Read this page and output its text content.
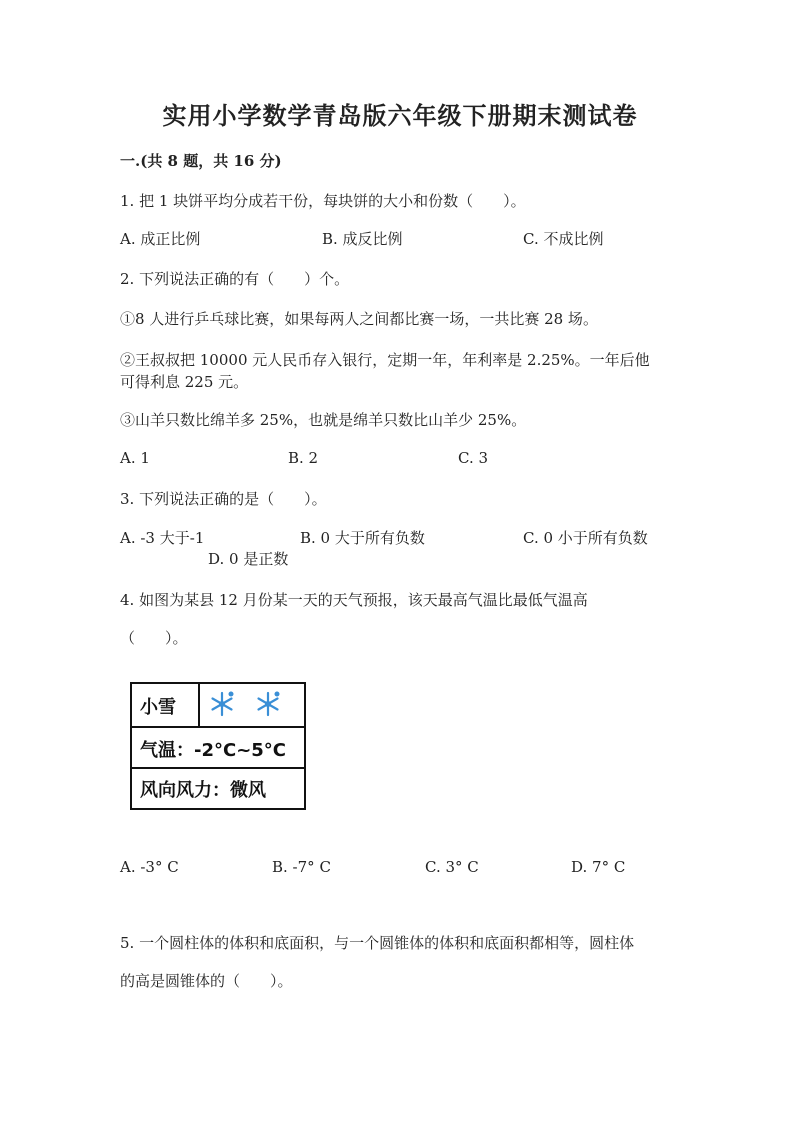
实用小学数学青岛版六年级下册期末测试卷
一.(共 8 题，共 16 分)
1. 把 1 块饼平均分成若干份，每块饼的大小和份数（　　）。
A. 成正比例	B. 成反比例	C. 不成比例
2. 下列说法正确的有（　　）个。
①8 人进行乒乓球比赛，如果每两人之间都比赛一场，一共比赛 28 场。
②王叔叔把 10000 元人民币存入银行，定期一年，年利率是 2.25%。一年后他
可得利息 225 元。
③山羊只数比绵羊多 25%，也就是绵羊只数比山羊少 25%。
A. 1	B. 2	C. 3
3. 下列说法正确的是（　　）。
A. -3 大于-1	B. 0 大于所有负数	C. 0 小于所有负数
D. 0 是正数
4. 如图为某县 12 月份某一天的天气预报，该天最高气温比最低气温高
（　　）。
小雪
气温：-2°C~5°C
风向风力：微风
A. -3° C	B. -7° C	C. 3° C	D. 7° C
5. 一个圆柱体的体积和底面积，与一个圆锥体的体积和底面积都相等，圆柱体
的高是圆锥体的（　　）。
